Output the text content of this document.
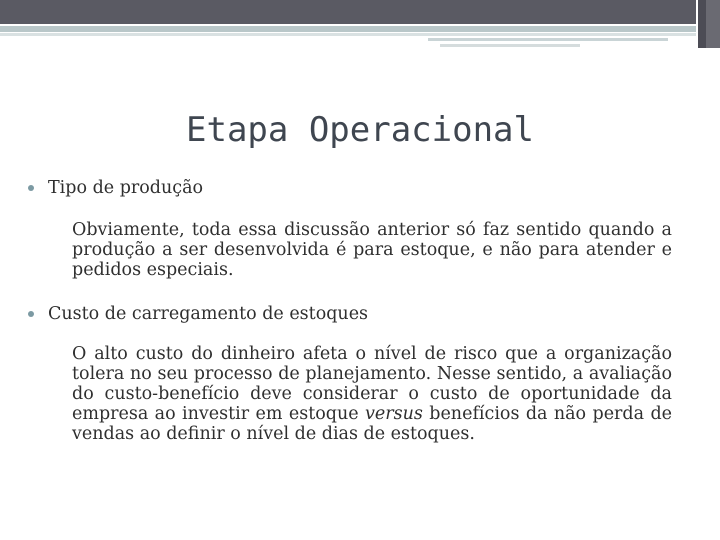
Etapa Operacional
Tipo de produção
Obviamente, toda essa discussão anterior só faz sentido quando a produção a ser desenvolvida é para estoque, e não para atender e pedidos especiais.
Custo de carregamento de estoques
O alto custo do dinheiro afeta o nível de risco que a organização tolera no seu processo de planejamento. Nesse sentido, a avaliação do custo-benefício deve considerar o custo de oportunidade da empresa ao investir em estoque versus benefícios da não perda de vendas ao definir o nível de dias de estoques.
